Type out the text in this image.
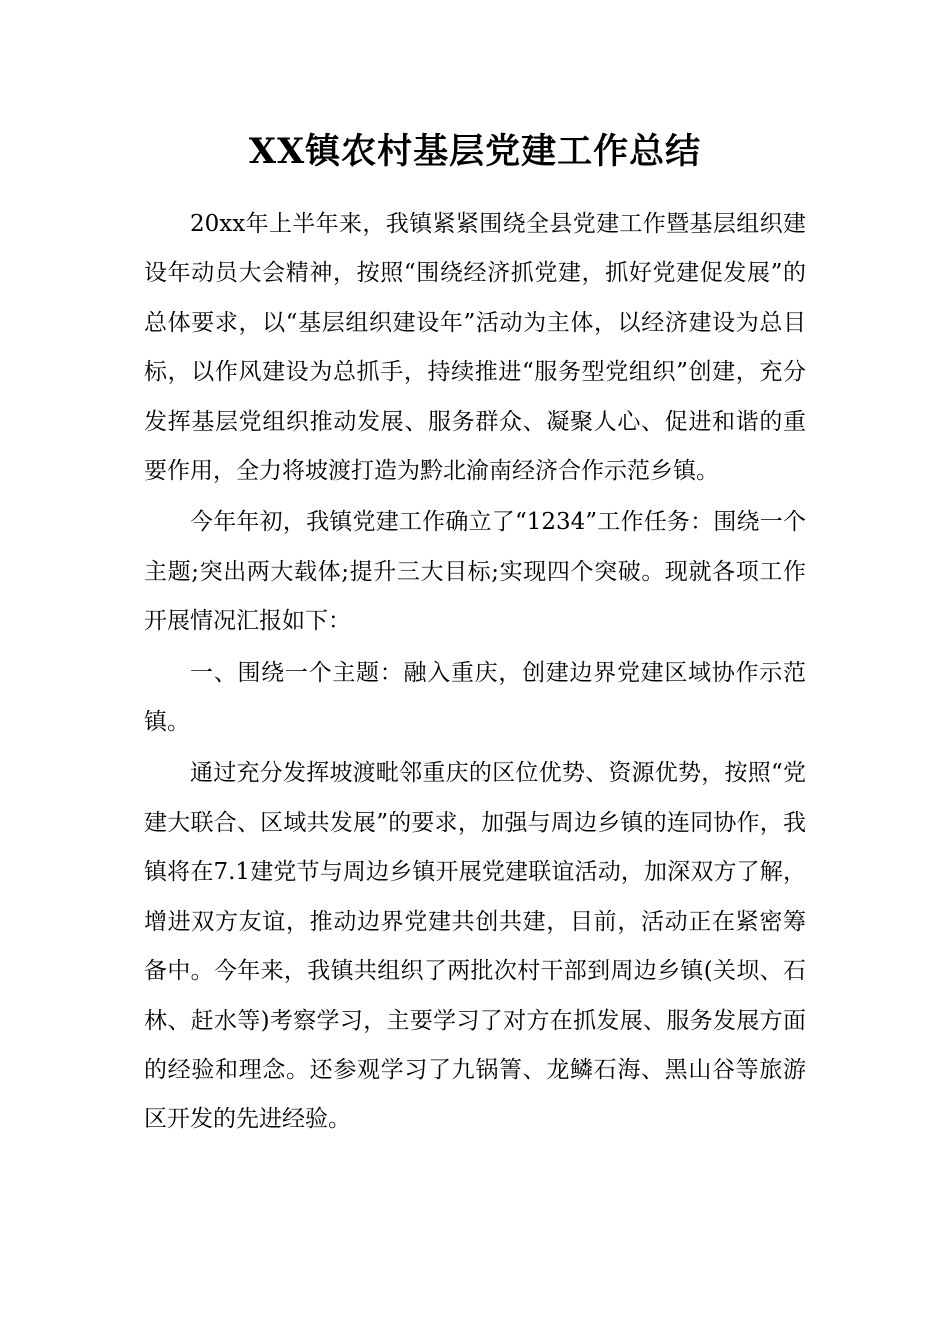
XX镇农村基层党建工作总结

20xx年上半年来，我镇紧紧围绕全县党建工作暨基层组织建设年动员大会精神，按照“围绕经济抓党建，抓好党建促发展”的总体要求，以“基层组织建设年”活动为主体，以经济建设为总目标，以作风建设为总抓手，持续推进“服务型党组织”创建，充分发挥基层党组织推动发展、服务群众、凝聚人心、促进和谐的重要作用，全力将坡渡打造为黔北渝南经济合作示范乡镇。

今年年初，我镇党建工作确立了“1234”工作任务：围绕一个主题;突出两大载体;提升三大目标;实现四个突破。现就各项工作开展情况汇报如下：

一、围绕一个主题：融入重庆，创建边界党建区域协作示范镇。

通过充分发挥坡渡毗邻重庆的区位优势、资源优势，按照“党建大联合、区域共发展”的要求，加强与周边乡镇的连同协作，我镇将在7.1建党节与周边乡镇开展党建联谊活动，加深双方了解，增进双方友谊，推动边界党建共创共建，目前，活动正在紧密筹备中。今年来，我镇共组织了两批次村干部到周边乡镇(关坝、石林、赶水等)考察学习，主要学习了对方在抓发展、服务发展方面的经验和理念。还参观学习了九锅箐、龙鳞石海、黑山谷等旅游区开发的先进经验。
